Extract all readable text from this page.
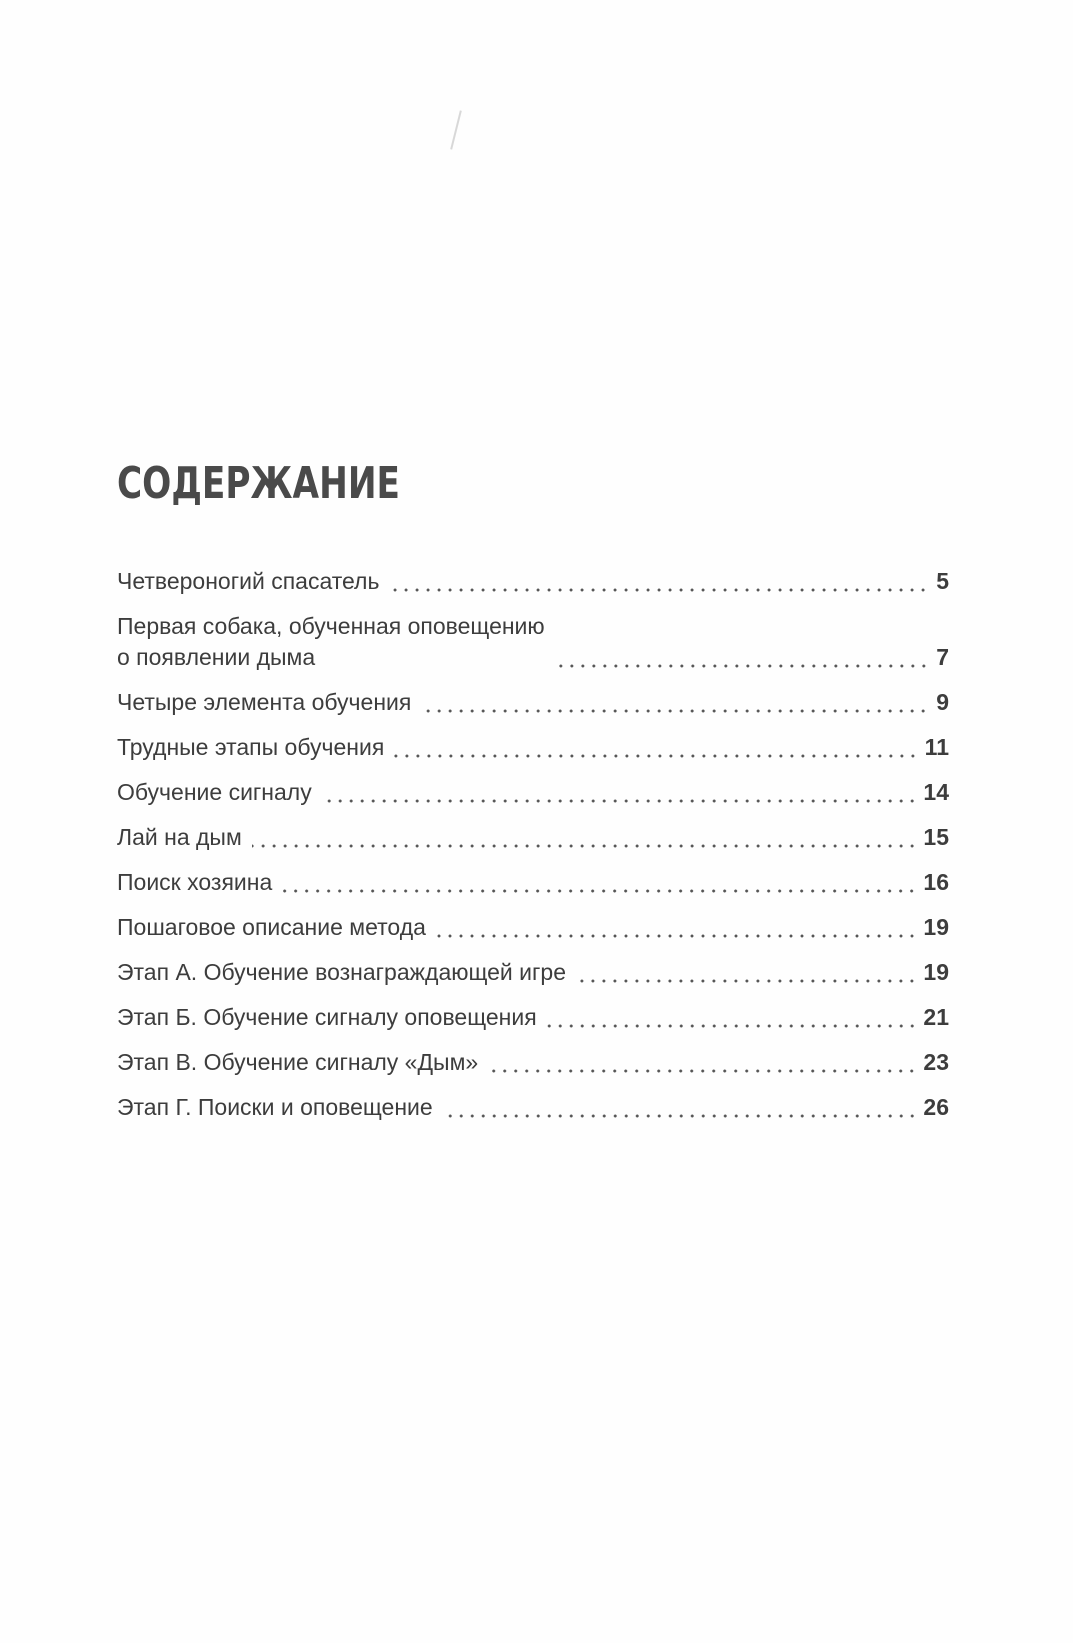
СОДЕРЖАНИЕ
Четвероногий спасатель	5
Первая собака, обученная оповещению
о появлении дыма	7
Четыре элемента обучения	9
Трудные этапы обучения	11
Обучение сигналу	14
Лай на дым	15
Поиск хозяина	16
Пошаговое описание метода	19
Этап А. Обучение вознаграждающей игре	19
Этап Б. Обучение сигналу оповещения	21
Этап В. Обучение сигналу «Дым»	23
Этап Г. Поиски и оповещение	26
